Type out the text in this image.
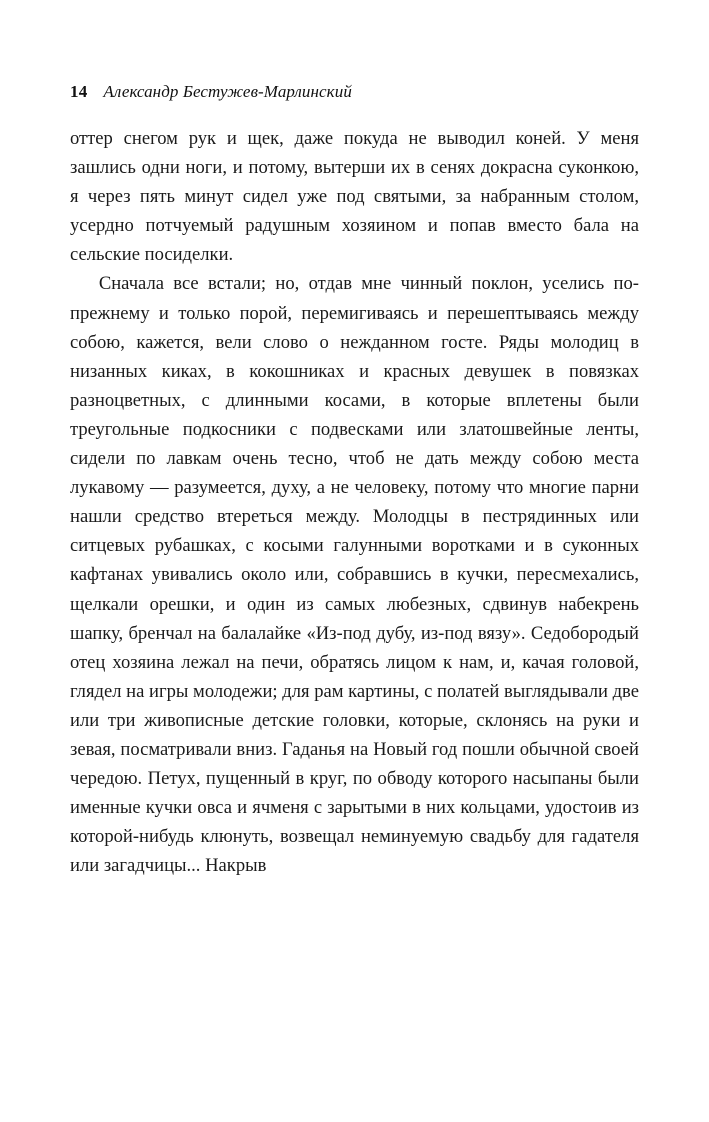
14 Александр Бестужев-Марлинский

оттер снегом рук и щек, даже покуда не выводил коней. У меня зашлись одни ноги, и потому, вытерши их в сенях докрасна суконкою, я через пять минут сидел уже под святыми, за набранным столом, усердно потчуемый радушным хозяином и попав вместо бала на сельские посиделки.

Сначала все встали; но, отдав мне чинный поклон, уселись по-прежнему и только порой, перемигиваясь и перешептываясь между собою, кажется, вели слово о нежданном госте. Ряды молодиц в низанных киках, в кокошниках и красных девушек в повязках разноцветных, с длинными косами, в которые вплетены были треугольные подкосники с подвесками или златошвейные ленты, сидели по лавкам очень тесно, чтоб не дать между собою места лукавому — разумеется, духу, а не человеку, потому что многие парни нашли средство втереться между. Молодцы в пестрядинных или ситцевых рубашках, с косыми галунными воротками и в суконных кафтанах увивались около или, собравшись в кучки, пересмехались, щелкали орешки, и один из самых любезных, сдвинув набекрень шапку, бренчал на балалайке «Из-под дубу, из-под вязу». Седобородый отец хозяина лежал на печи, обратясь лицом к нам, и, качая головой, глядел на игры молодежи; для рам картины, с полатей выглядывали две или три живописные детские головки, которые, склонясь на руки и зевая, посматривали вниз. Гаданья на Новый год пошли обычной своей чередою. Петух, пущенный в круг, по обводу которого насыпаны были именные кучки овса и ячменя с зарытыми в них кольцами, удостоив из которой-нибудь клюнуть, возвещал неминуемую свадьбу для гадателя или загадчицы... Накрыв
